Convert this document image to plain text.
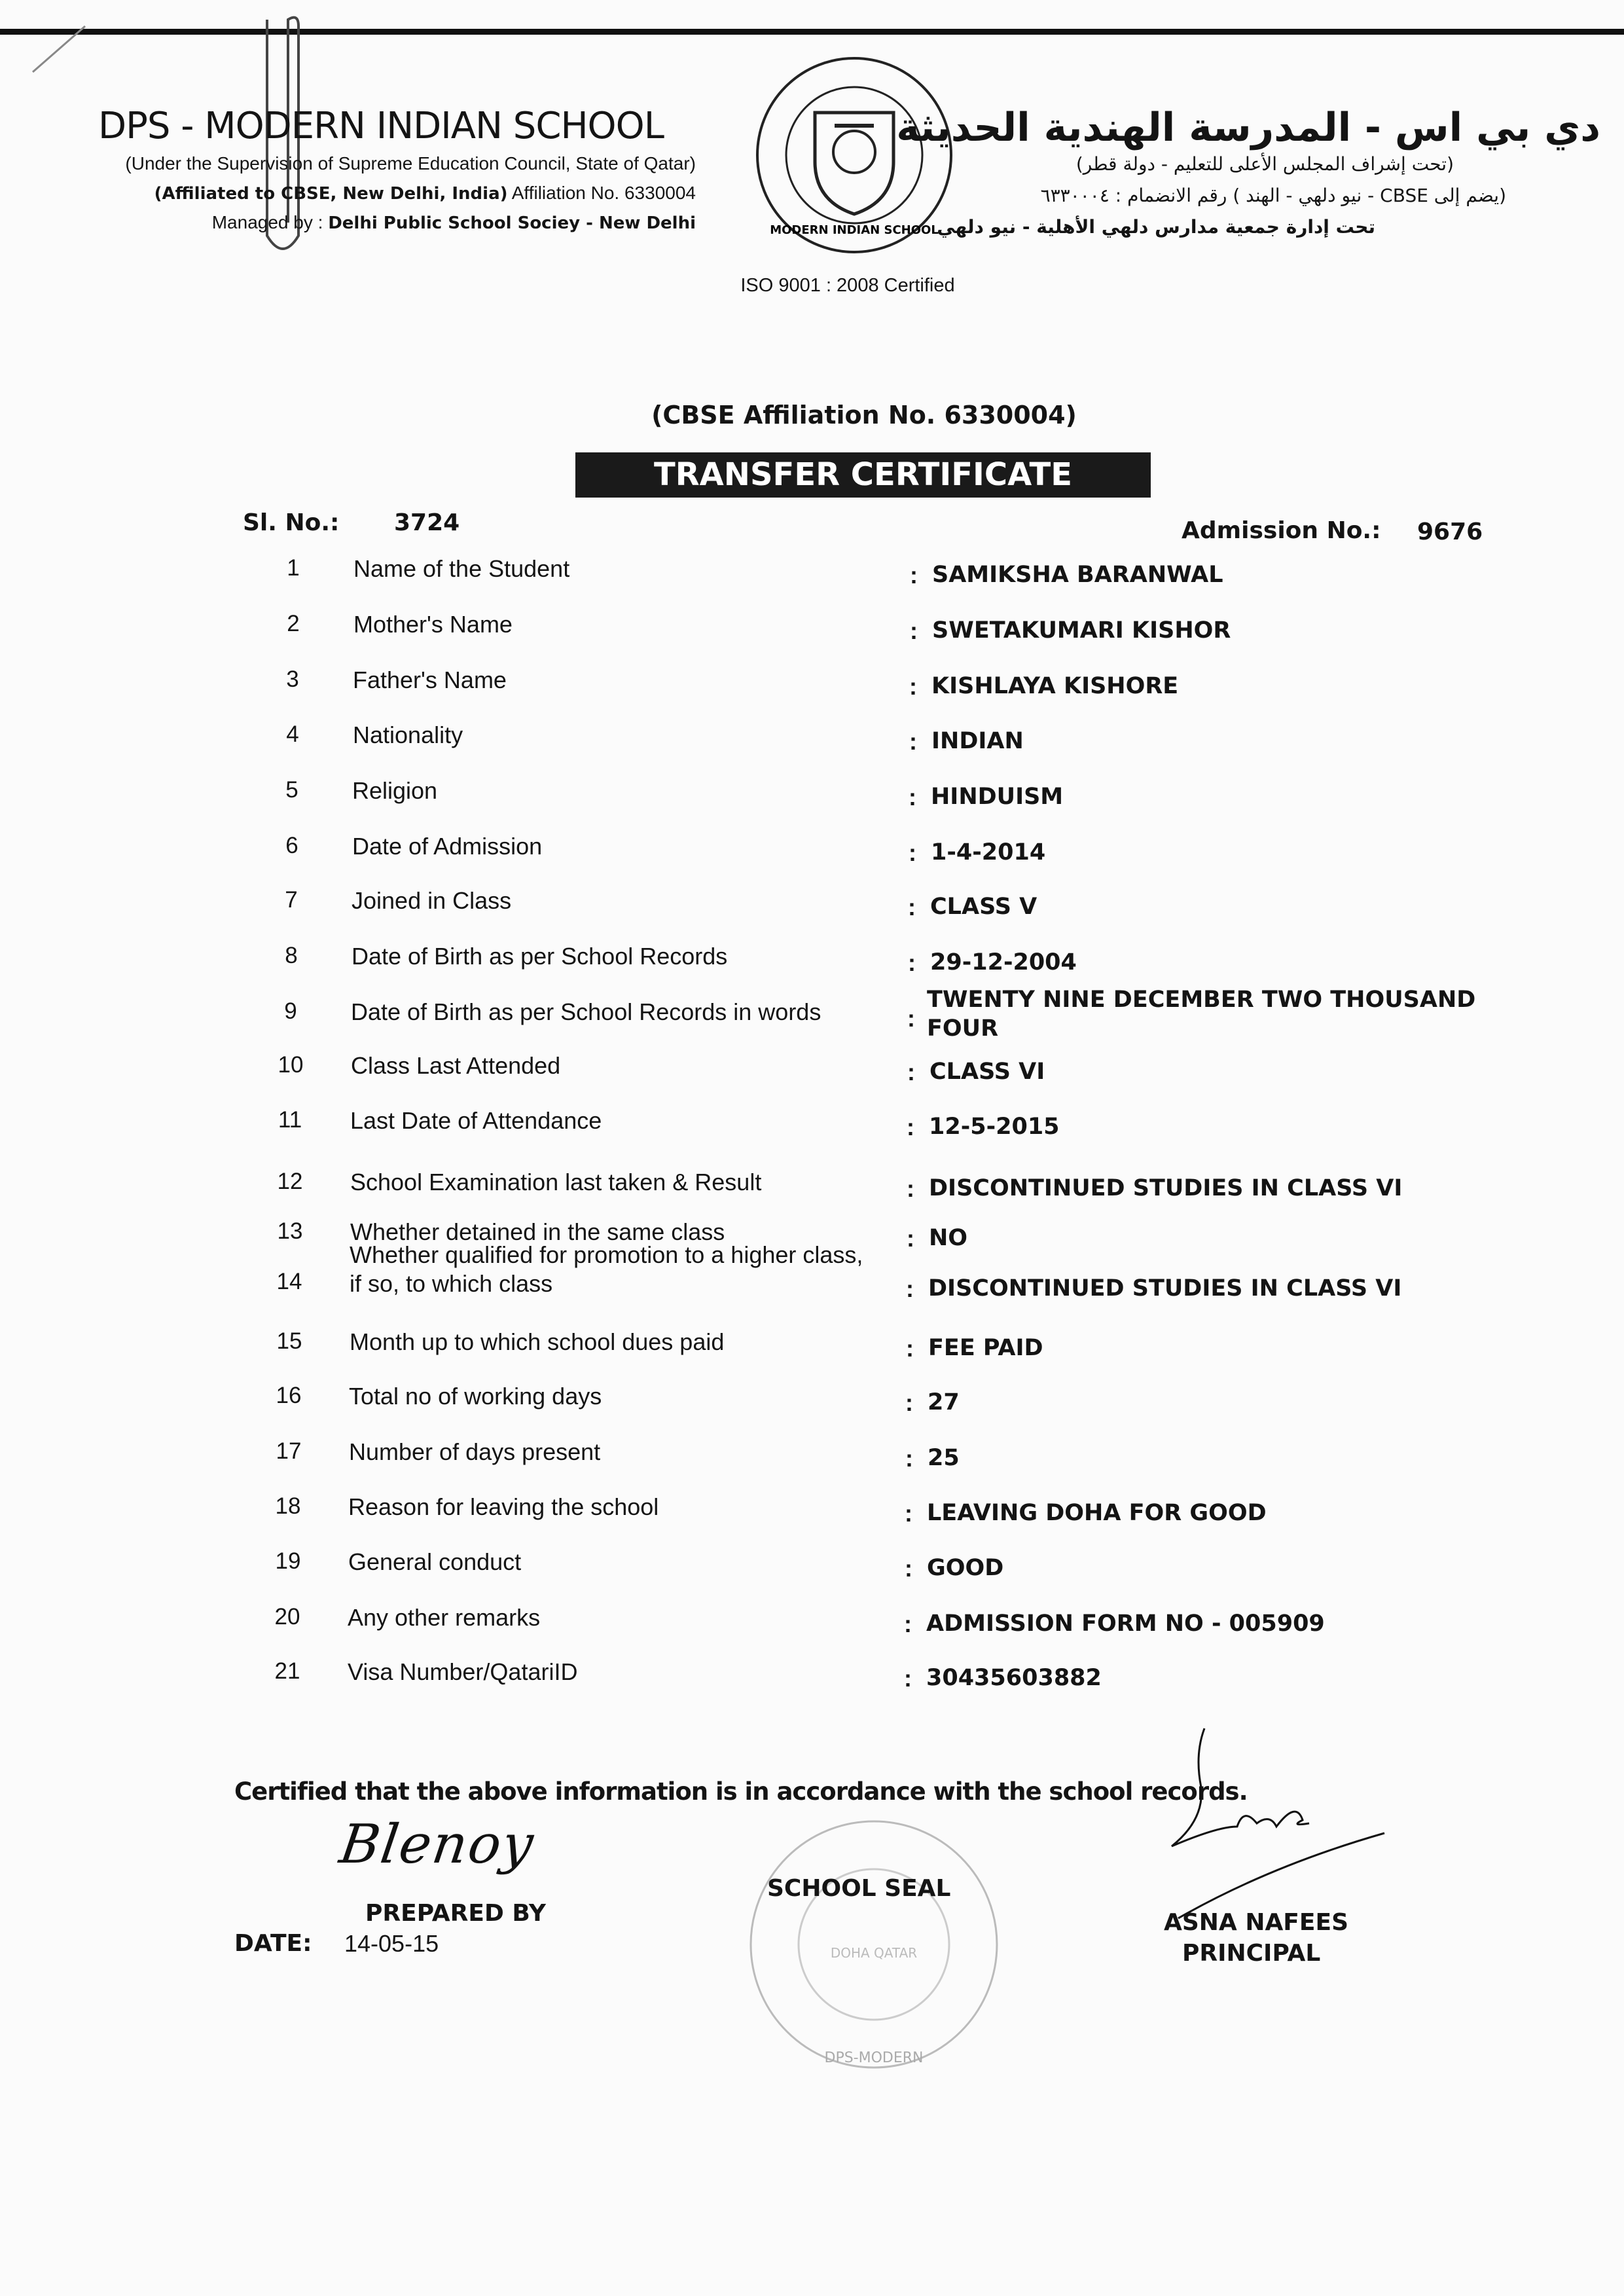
DPS - MODERN INDIAN SCHOOL
(Under the Supervision of Supreme Education Council, State of Qatar)
(Affiliated to CBSE, New Delhi, India) Affiliation No. 6330004
Managed by : Delhi Public School Sociey - New Delhi	MODERN INDIAN SCHOOL
ISO 9001 : 2008 Certified
دي بي اس - المدرسة الهندية الحديثة
(تحت إشراف المجلس الأعلى للتعليم - دولة قطر)
(يضم إلى CBSE - نيو دلهي - الهند ) رقم الانضمام : ٦٣٣٠٠٠٤
تحت إدارة جمعية مدارس دلهي الأهلية - نيو دلهي
(CBSE Affiliation No. 6330004)
TRANSFER CERTIFICATE
Sl. No.: 3724	Admission No.: 9676
1	Name of the Student	: SAMIKSHA BARANWAL
2	Mother's Name	: SWETAKUMARI KISHOR
3	Father's Name	: KISHLAYA KISHORE
4	Nationality	: INDIAN
5	Religion	: HINDUISM
6	Date of Admission	: 1-4-2014
7	Joined in Class	: CLASS V
8	Date of Birth as per School Records	: 29-12-2004
9	Date of Birth as per School Records in words	:
TWENTY NINE DECEMBER TWO THOUSAND
FOUR
10	Class Last Attended	: CLASS VI
11	Last Date of Attendance	: 12-5-2015
12	School Examination last taken & Result	: DISCONTINUED STUDIES IN CLASS VI
13	Whether detained in the same class	: NO
14
Whether qualified for promotion to a higher class,
if so, to which class	: DISCONTINUED STUDIES IN CLASS VI
15	Month up to which school dues paid	: FEE PAID
16	Total no of working days	: 27
17	Number of days present	: 25
18	Reason for leaving the school	: LEAVING DOHA FOR GOOD
19	General conduct	: GOOD
20	Any other remarks	: ADMISSION FORM NO - 005909
21	Visa Number/QatariID	: 30435603882
Certified that the above information is in accordance with the school records.
Blenoy
PREPARED BY
DATE: 14-05-15
DPS-MODERN
DOHA QATAR
SCHOOL SEAL
ASNA NAFEES
PRINCIPAL
